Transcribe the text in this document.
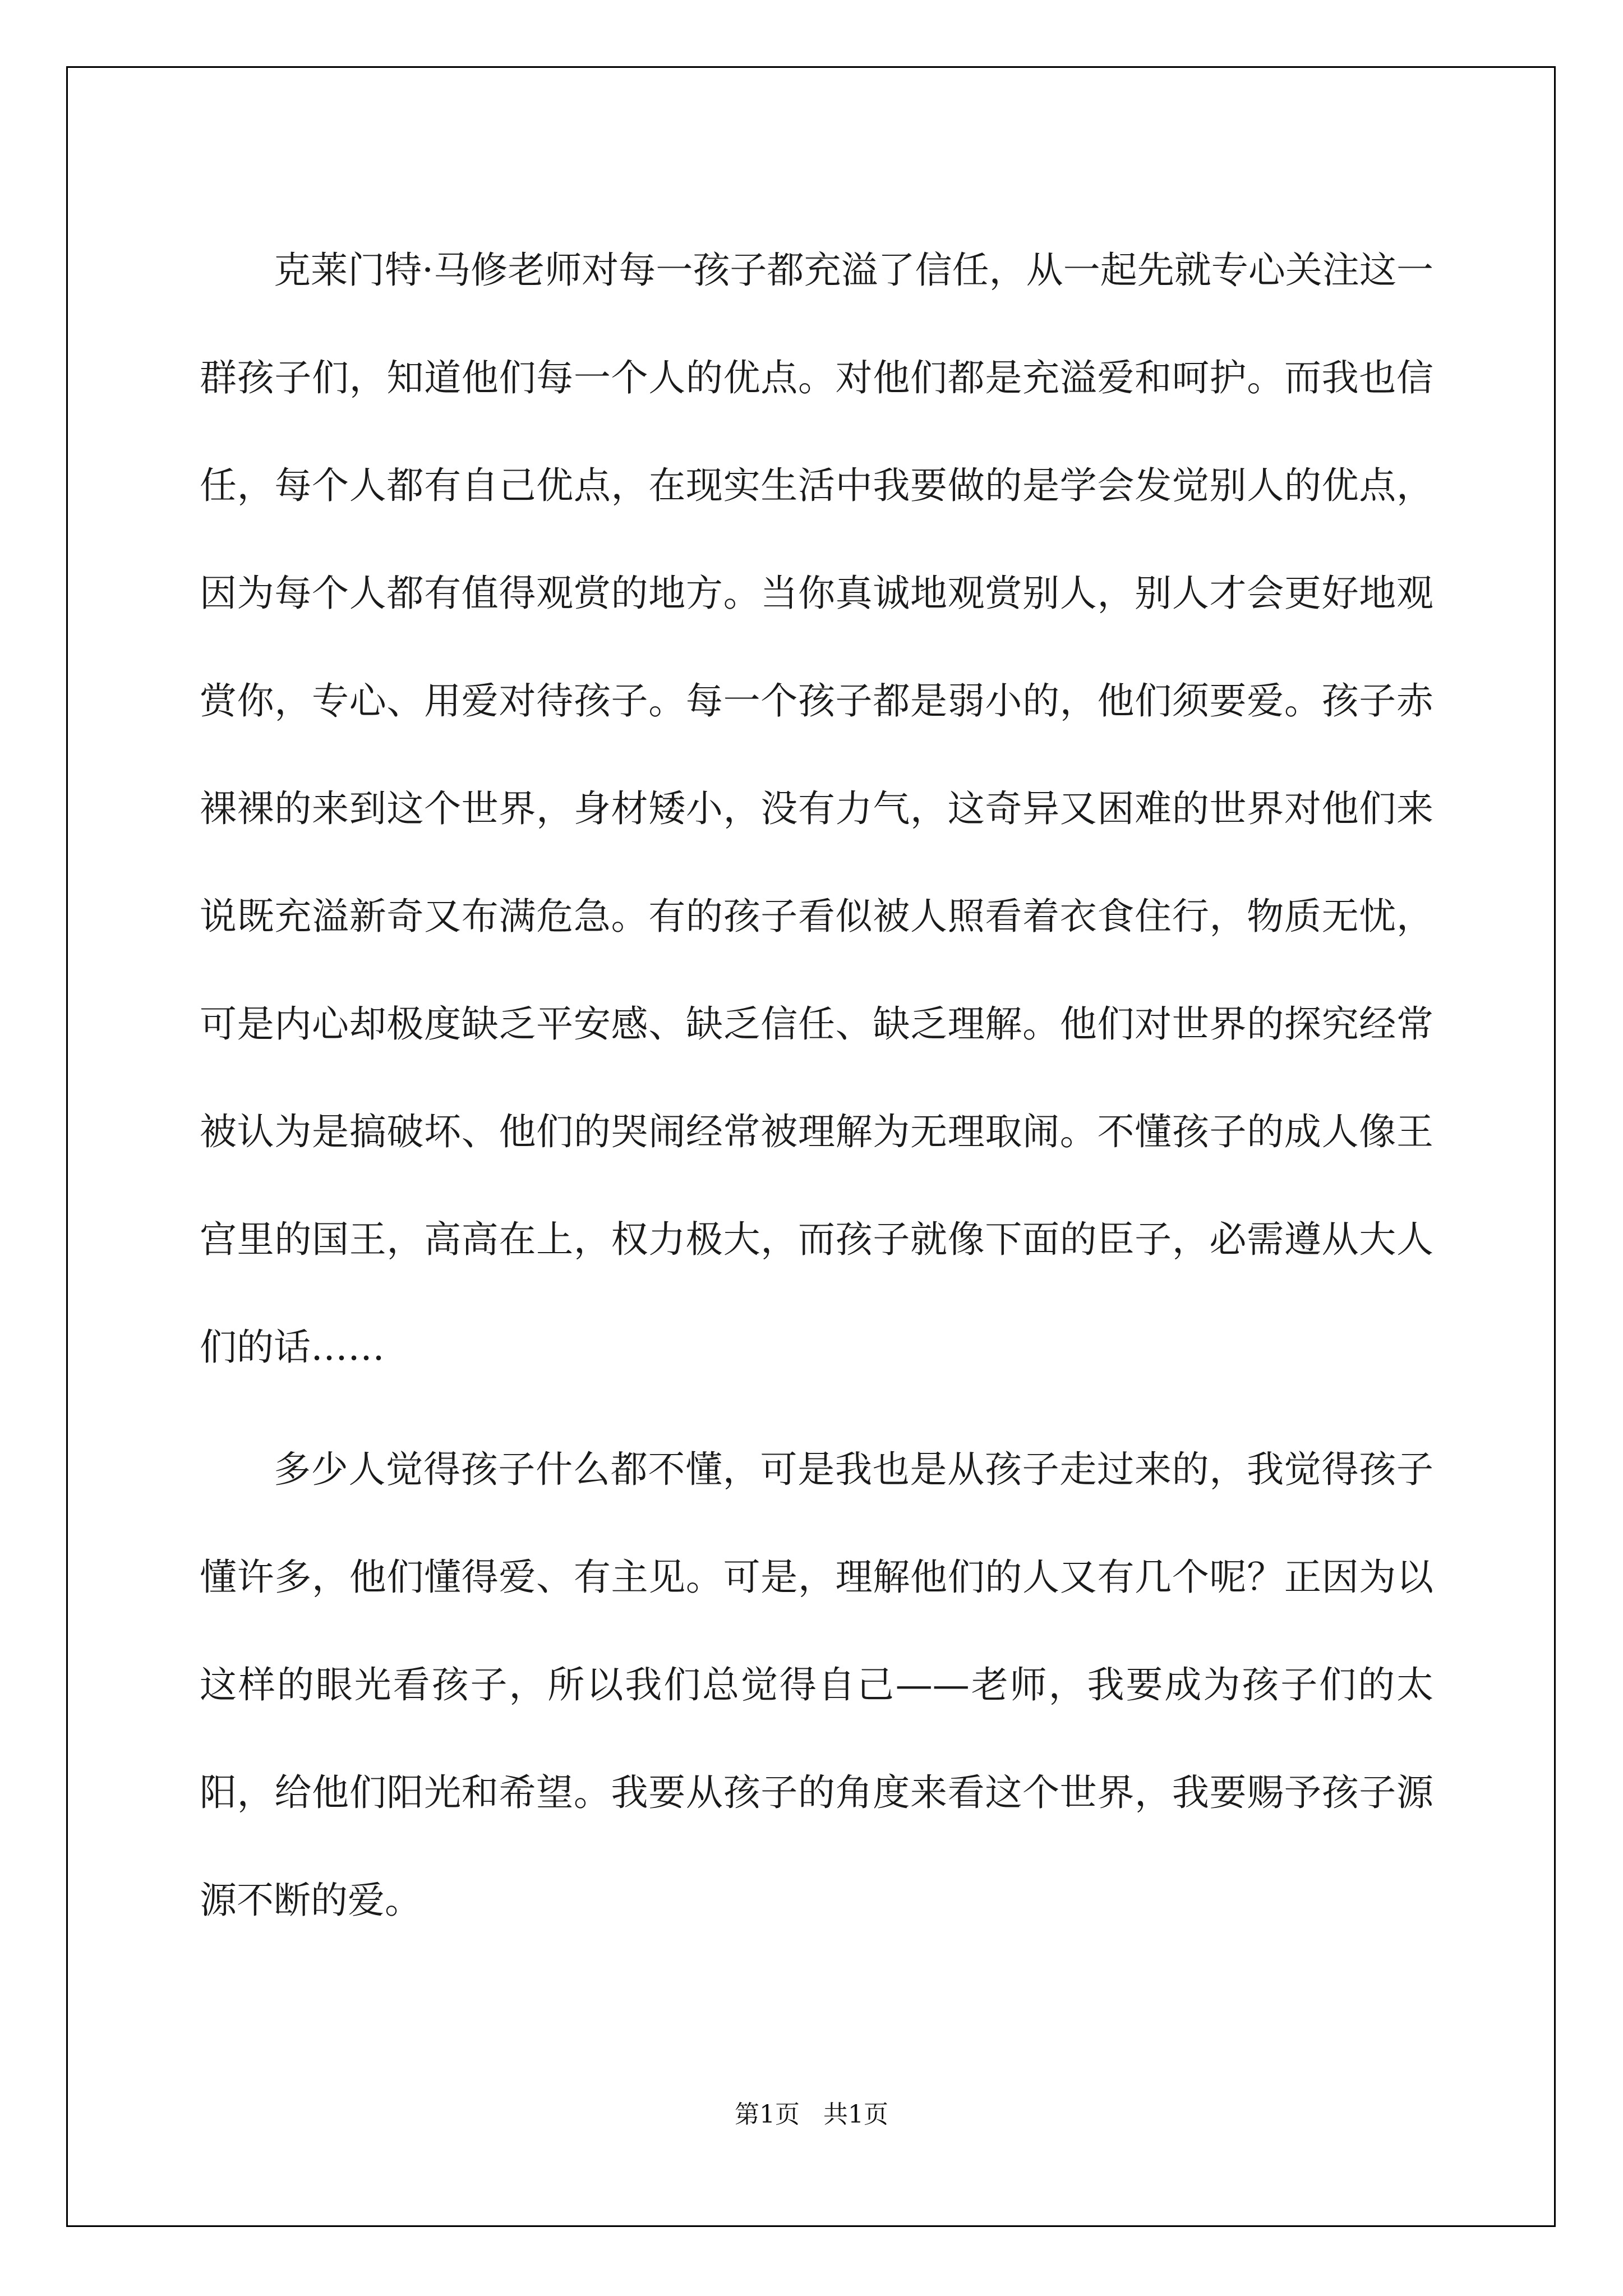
克莱门特·马修老师对每一孩子都充溢了信任，从一起先就专心关注这一群孩子们，知道他们每一个人的优点。对他们都是充溢爱和呵护。而我也信任，每个人都有自己优点，在现实生活中我要做的是学会发觉别人的优点，因为每个人都有值得观赏的地方。当你真诚地观赏别人，别人才会更好地观赏你，专心、用爱对待孩子。每一个孩子都是弱小的，他们须要爱。孩子赤裸裸的来到这个世界，身材矮小，没有力气，这奇异又困难的世界对他们来说既充溢新奇又布满危急。有的孩子看似被人照看着衣食住行，物质无忧，可是内心却极度缺乏平安感、缺乏信任、缺乏理解。他们对世界的探究经常被认为是搞破坏、他们的哭闹经常被理解为无理取闹。不懂孩子的成人像王宫里的国王，高高在上，权力极大，而孩子就像下面的臣子，必需遵从大人们的话……

多少人觉得孩子什么都不懂，可是我也是从孩子走过来的，我觉得孩子懂许多，他们懂得爱、有主见。可是，理解他们的人又有几个呢？正因为以这样的眼光看孩子，所以我们总觉得自己——老师，我要成为孩子们的太阳，给他们阳光和希望。我要从孩子的角度来看这个世界，我要赐予孩子源源不断的爱。

第1页   共1页
